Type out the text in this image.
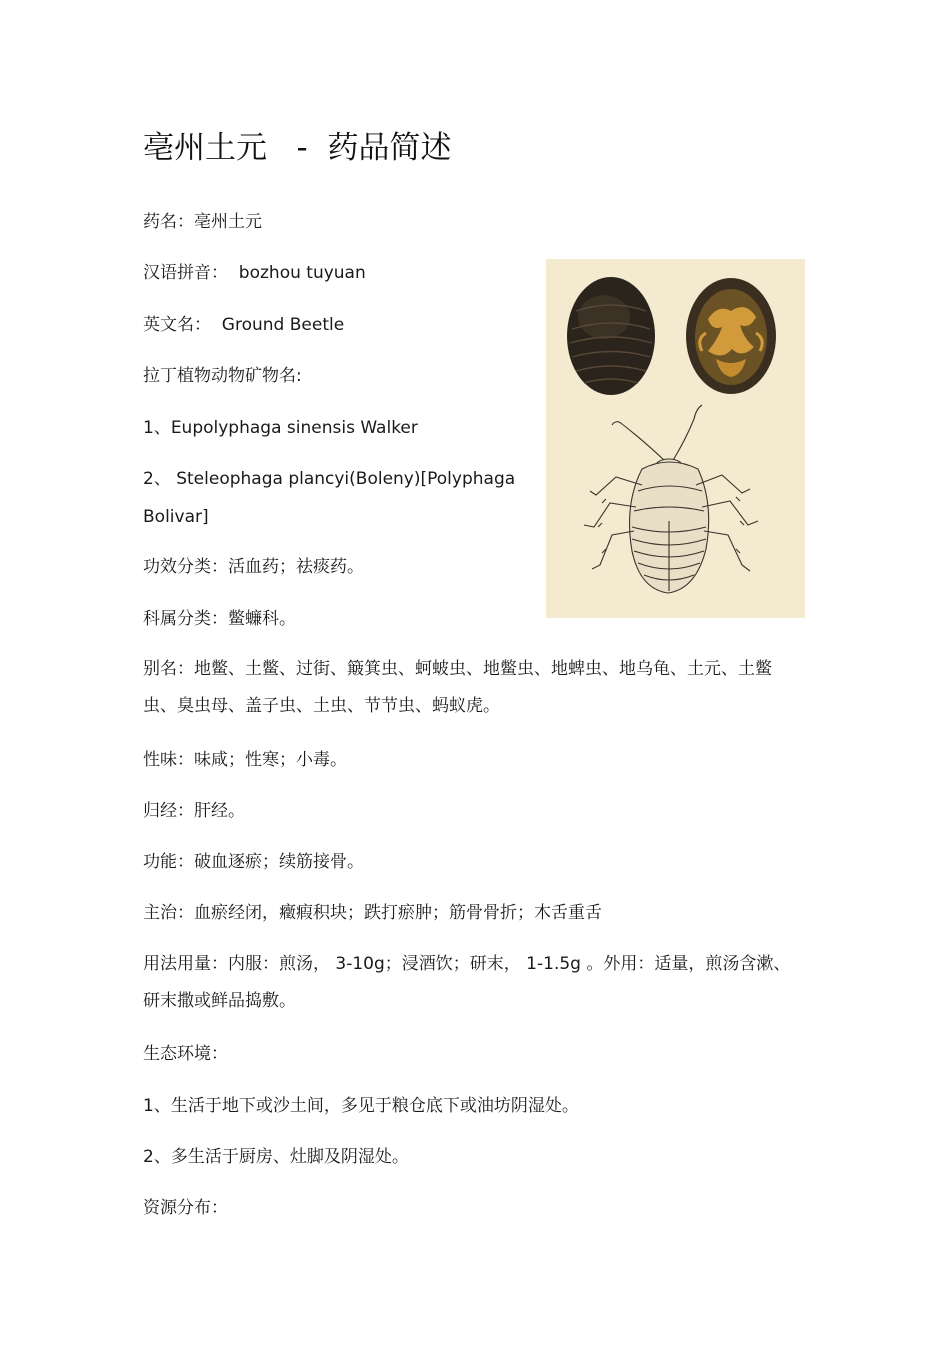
亳州土元   -  药品简述
药名：亳州土元
汉语拼音：  bozhou tuyuan
英文名：  Ground Beetle
拉丁植物动物矿物名:
1、Eupolyphaga sinensis Walker
2、 Steleophaga plancyi(Boleny)[Polyphaga
Bolivar]
功效分类：活血药；祛痰药。
科属分类：鳖蠊科。
别名：地鳖、土鳖、过街、簸箕虫、蚵蚾虫、地鳖虫、地蜱虫、地乌龟、土元、土鳖虫、臭虫母、盖子虫、土虫、节节虫、蚂蚁虎。
性味：味咸；性寒；小毒。
归经：肝经。
功能：破血逐瘀；续筋接骨。
主治：血瘀经闭，癥瘕积块；跌打瘀肿；筋骨骨折；木舌重舌
用法用量：内服：煎汤， 3-10g；浸酒饮；研末， 1-1.5g 。外用：适量，煎汤含漱、研末撒或鲜品捣敷。
生态环境：
1、生活于地下或沙土间，多见于粮仓底下或油坊阴湿处。
2、多生活于厨房、灶脚及阴湿处。
资源分布：
